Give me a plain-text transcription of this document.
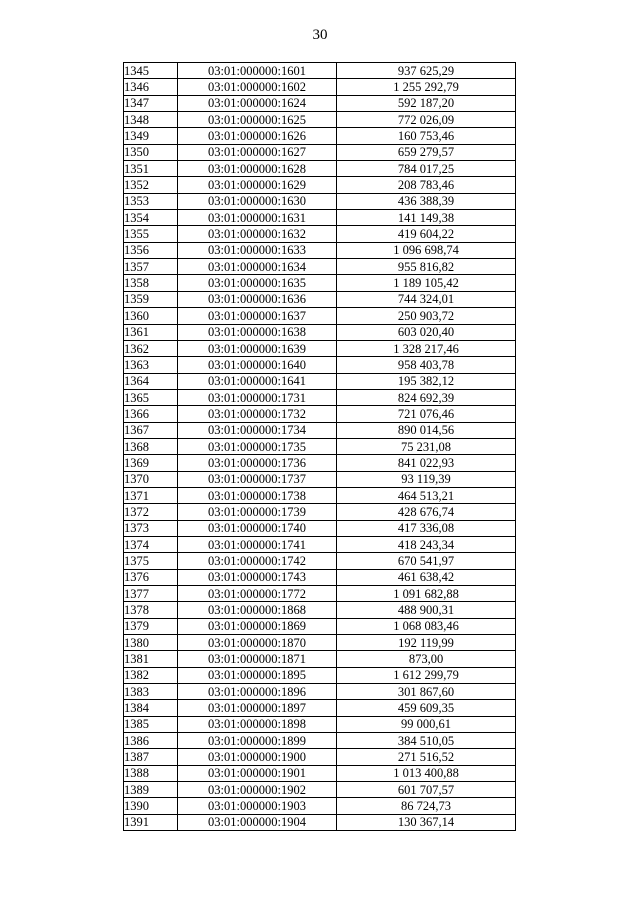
30
1345	03:01:000000:1601	937 625,29
1346	03:01:000000:1602	1 255 292,79
1347	03:01:000000:1624	592 187,20
1348	03:01:000000:1625	772 026,09
1349	03:01:000000:1626	160 753,46
1350	03:01:000000:1627	659 279,57
1351	03:01:000000:1628	784 017,25
1352	03:01:000000:1629	208 783,46
1353	03:01:000000:1630	436 388,39
1354	03:01:000000:1631	141 149,38
1355	03:01:000000:1632	419 604,22
1356	03:01:000000:1633	1 096 698,74
1357	03:01:000000:1634	955 816,82
1358	03:01:000000:1635	1 189 105,42
1359	03:01:000000:1636	744 324,01
1360	03:01:000000:1637	250 903,72
1361	03:01:000000:1638	603 020,40
1362	03:01:000000:1639	1 328 217,46
1363	03:01:000000:1640	958 403,78
1364	03:01:000000:1641	195 382,12
1365	03:01:000000:1731	824 692,39
1366	03:01:000000:1732	721 076,46
1367	03:01:000000:1734	890 014,56
1368	03:01:000000:1735	75 231,08
1369	03:01:000000:1736	841 022,93
1370	03:01:000000:1737	93 119,39
1371	03:01:000000:1738	464 513,21
1372	03:01:000000:1739	428 676,74
1373	03:01:000000:1740	417 336,08
1374	03:01:000000:1741	418 243,34
1375	03:01:000000:1742	670 541,97
1376	03:01:000000:1743	461 638,42
1377	03:01:000000:1772	1 091 682,88
1378	03:01:000000:1868	488 900,31
1379	03:01:000000:1869	1 068 083,46
1380	03:01:000000:1870	192 119,99
1381	03:01:000000:1871	873,00
1382	03:01:000000:1895	1 612 299,79
1383	03:01:000000:1896	301 867,60
1384	03:01:000000:1897	459 609,35
1385	03:01:000000:1898	99 000,61
1386	03:01:000000:1899	384 510,05
1387	03:01:000000:1900	271 516,52
1388	03:01:000000:1901	1 013 400,88
1389	03:01:000000:1902	601 707,57
1390	03:01:000000:1903	86 724,73
1391	03:01:000000:1904	130 367,14
